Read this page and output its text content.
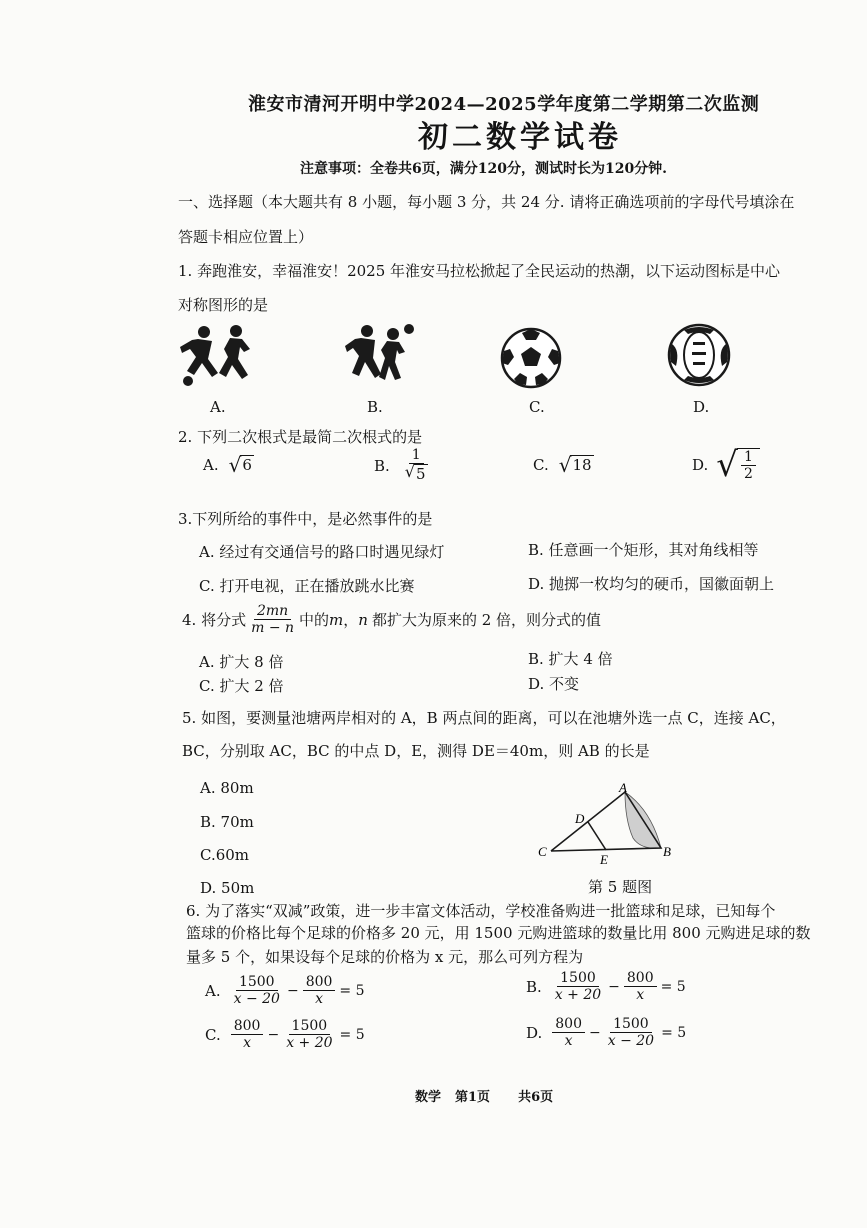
淮安市清河开明中学2024—2025学年度第二学期第二次监测
初二数学试卷
注意事项：全卷共6页，满分120分，测试时长为120分钟.
一、选择题（本大题共有 8 小题，每小题 3 分，共 24 分. 请将正确选项前的字母代号填涂在
答题卡相应位置上）
1. 奔跑淮安，幸福淮安！2025 年淮安马拉松掀起了全民运动的热潮，以下运动图标是中心
对称图形的是
A.	B.	C.	D.
2. 下列二次根式是最简二次根式的是
A. √ 6	B. $\frac{1}{√ 5}$	C. √ 18	D. √ $\frac{1}{2}$
3.下列所给的事件中，是必然事件的是
A. 经过有交通信号的路口时遇见绿灯	B. 任意画一个矩形，其对角线相等
C. 打开电视，正在播放跳水比赛	D. 抛掷一枚均匀的硬币，国徽面朝上
4. 将分式 $\frac{2mn}{m - n}$ 中的 m ， n 都扩大为原来的 2 倍，则分式的值
A. 扩大 8 倍	B. 扩大 4 倍
C. 扩大 2 倍	D. 不变
5. 如图，要测量池塘两岸相对的 A，B 两点间的距离，可以在池塘外选一点 C，连接 AC，
BC，分别取 AC，BC 的中点 D，E，测得 DE＝40m，则 AB 的长是
A. 80m
B. 70m
C.60m
D. 50m
A
D
C
E
B
第 5 题图
6. 为了落实“双减”政策，进一步丰富文体活动，学校准备购进一批篮球和足球，已知每个
篮球的价格比每个足球的价格多 20 元，用 1500 元购进篮球的数量比用 800 元购进足球的数
量多 5 个，如果设每个足球的价格为 x 元，那么可列方程为
A. $\frac{1500}{x - 20} - \frac{800}{x} = 5$	B. $\frac{1500}{x + 20} - \frac{800}{x} = 5$
C. $\frac{800}{x} - \frac{1500}{x + 20} = 5$	D. $\frac{800}{x} - \frac{1500}{x - 20} = 5$
数学 第1页 共6页
